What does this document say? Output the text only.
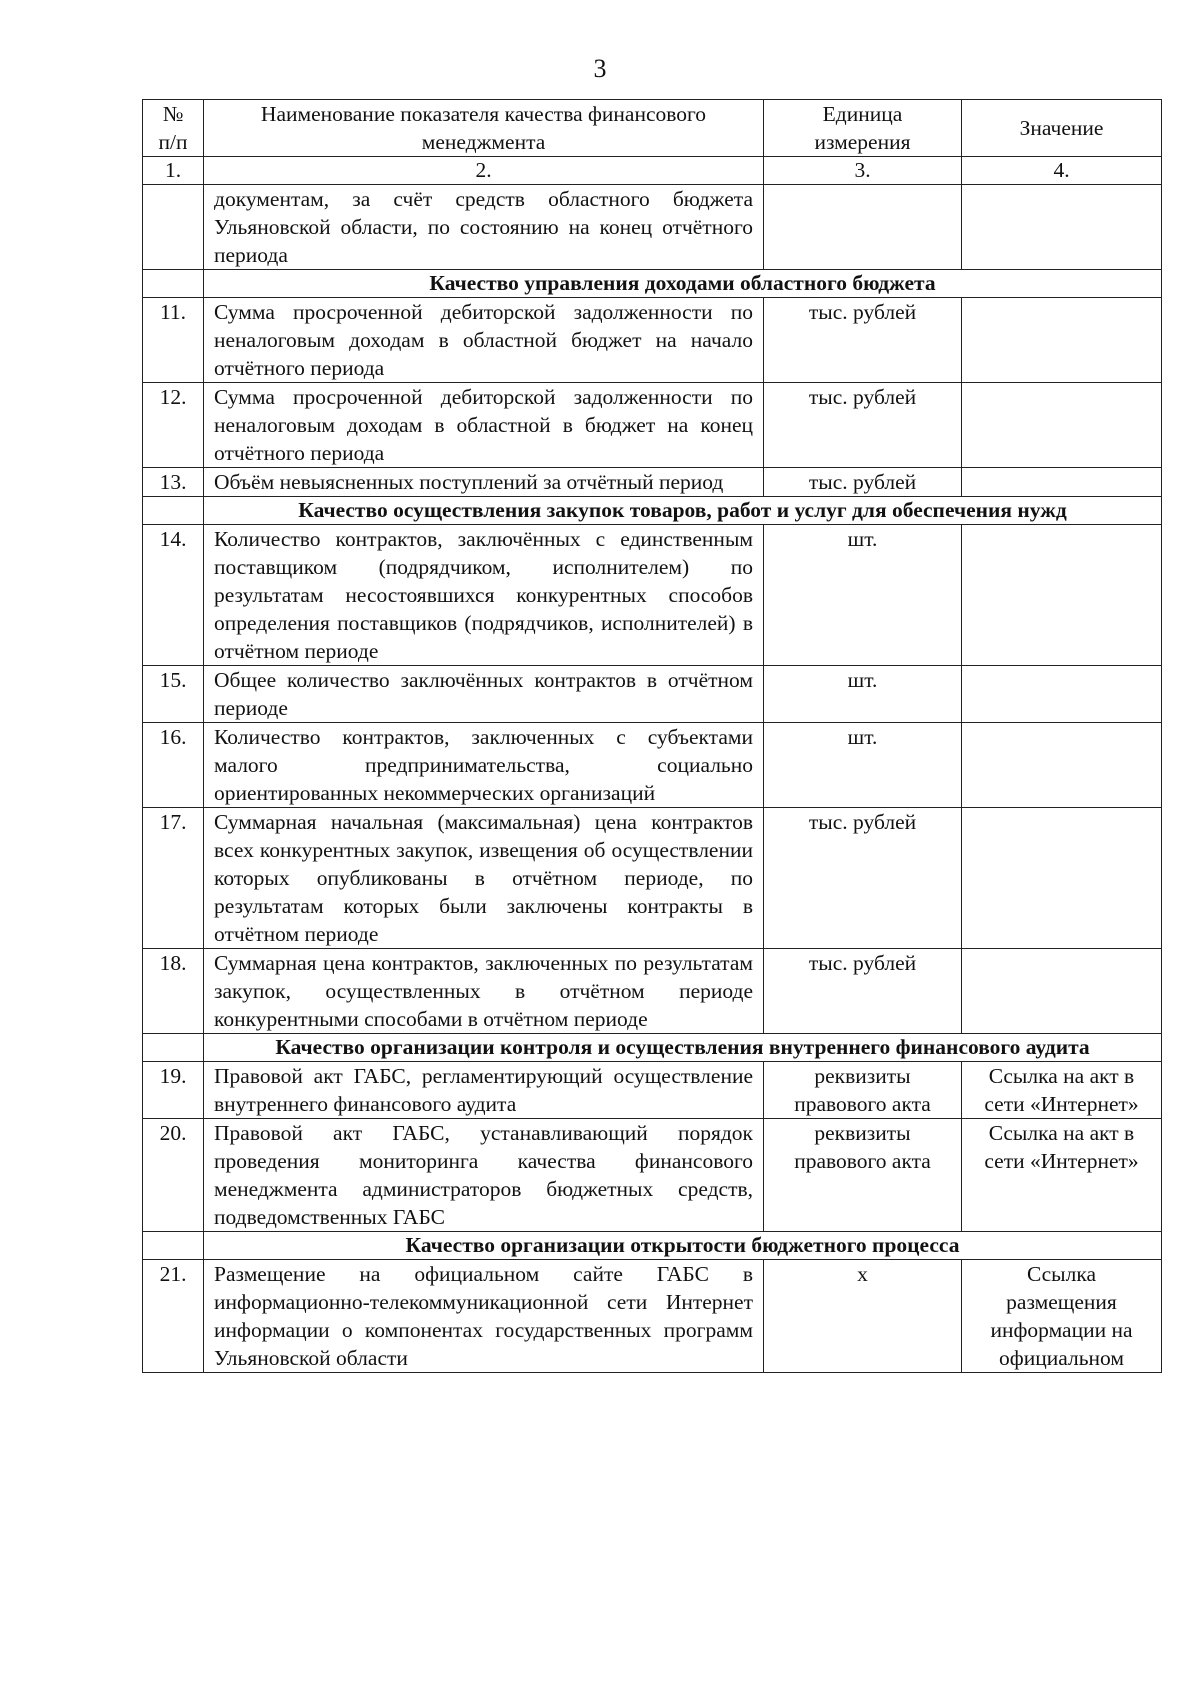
3
№ п/п	Наименование показателя качества финансового менеджмента	Единица измерения	Значение
1.	2.	3.	4.
	документам, за счёт средств областного бюджета Ульяновской области, по состоянию на конец отчётного периода		
	Качество управления доходами областного бюджета		
11.	Сумма просроченной дебиторской задолженности по неналоговым доходам в областной бюджет на начало отчётного периода	тыс. рублей	
12.	Сумма просроченной дебиторской задолженности по неналоговым доходам в областной в бюджет на конец отчётного периода	тыс. рублей	
13.	Объём невыясненных поступлений за отчётный период	тыс. рублей	
	Качество осуществления закупок товаров, работ и услуг для обеспечения нужд		
14.	Количество контрактов, заключённых с единственным поставщиком (подрядчиком, исполнителем) по результатам несостоявшихся конкурентных способов определения поставщиков (подрядчиков, исполнителей) в отчётном периоде	шт.	
15.	Общее количество заключённых контрактов в отчётном периоде	шт.	
16.	Количество контрактов, заключенных с субъектами малого предпринимательства, социально ориентированных некоммерческих организаций	шт.	
17.	Суммарная начальная (максимальная) цена контрактов всех конкурентных закупок, извещения об осуществлении которых опубликованы в отчётном периоде, по результатам которых были заключены контракты в отчётном периоде	тыс. рублей	
18.	Суммарная цена контрактов, заключенных по результатам закупок, осуществленных в отчётном периоде конкурентными способами в отчётном периоде	тыс. рублей	
	Качество организации контроля и осуществления внутреннего финансового аудита		
19.	Правовой акт ГАБС, регламентирующий осуществление внутреннего финансового аудита	реквизиты правового акта	Ссылка на акт в сети «Интернет»
20.	Правовой акт ГАБС, устанавливающий порядок проведения мониторинга качества финансового менеджмента администраторов бюджетных средств, подведомственных ГАБС	реквизиты правового акта	Ссылка на акт в сети «Интернет»
	Качество организации открытости бюджетного процесса		
21.	Размещение на официальном сайте ГАБС в информационно-телекоммуникационной сети Интернет информации о компонентах государственных программ Ульяновской области	х	Ссылка размещения информации на официальном
